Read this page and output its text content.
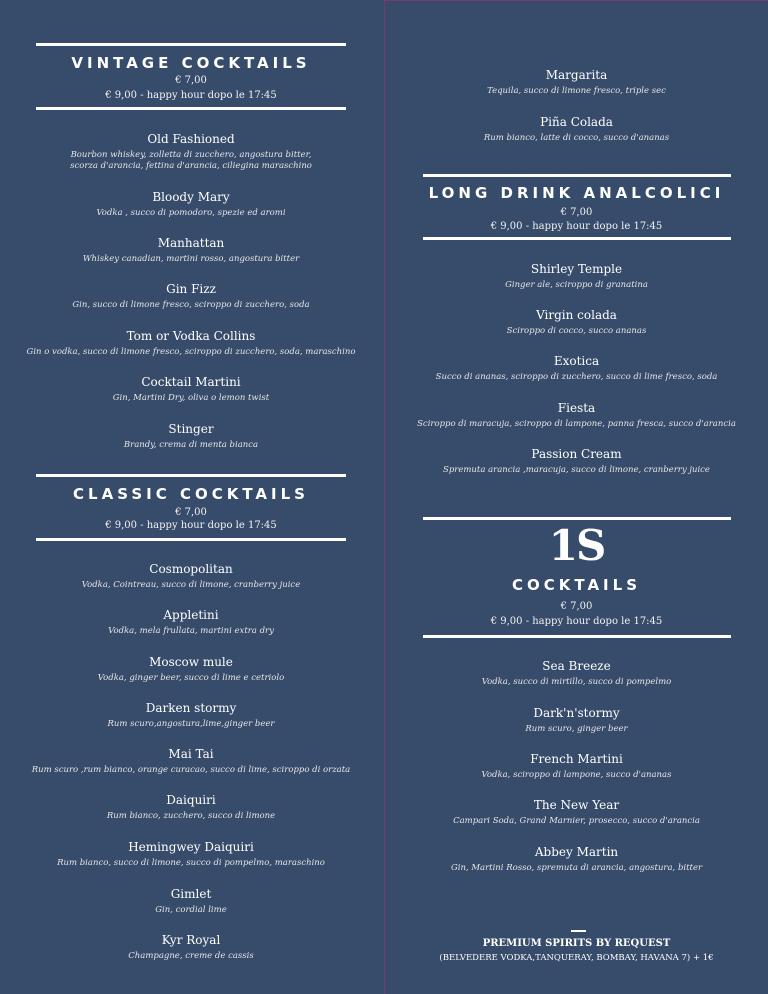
VINTAGE COCKTAILS
€ 7,00
€ 9,00 - happy hour dopo le 17:45
Old Fashioned
Bourbon whiskey, zolletta di zucchero, angostura bitter,
scorza d'arancia, fettina d'arancia, ciliegina maraschino
Bloody Mary
Vodka , succo di pomodoro, spezie ed aromi
Manhattan
Whiskey canadian, martini rosso, angostura bitter
Gin Fizz
Gin, succo di limone fresco, sciroppo di zucchero, soda
Tom or Vodka Collins
Gin o vodka, succo di limone fresco, sciroppo di zucchero, soda, maraschino
Cocktail Martini
Gin, Martini Dry, oliva o lemon twist
Stinger
Brandy, crema di menta bianca
CLASSIC COCKTAILS
€ 7,00
€ 9,00 - happy hour dopo le 17:45
Cosmopolitan
Vodka, Cointreau, succo di limone, cranberry juice
Appletini
Vodka, mela frullata, martini extra dry
Moscow mule
Vodka, ginger beer, succo di lime e cetriolo
Darken stormy
Rum scuro,angostura,lime,ginger beer
Mai Tai
Rum scuro ,rum bianco, orange curacao, succo di lime, sciroppo di orzata
Daiquiri
Rum bianco, zucchero, succo di limone
Hemingwey Daiquiri
Rum bianco, succo di limone, succo di pompelmo, maraschino
Gimlet
Gin, cordial lime
Kyr Royal
Champagne, creme de cassis
Margarita
Tequila, succo di limone fresco, triple sec
Piña Colada
Rum bianco, latte di cocco, succo d'ananas
LONG DRINK ANALCOLICI
€ 7,00
€ 9,00 - happy hour dopo le 17:45
Shirley Temple
Ginger ale, sciroppo di granatina
Virgin colada
Sciroppo di cocco, succo ananas
Exotica
Succo di ananas, sciroppo di zucchero, succo di lime fresco, soda
Fiesta
Sciroppo di maracuja, sciroppo di lampone, panna fresca, succo d'arancia
Passion Cream
Spremuta arancia ,maracuja, succo di limone, cranberry juice
1S
COCKTAILS
€ 7,00
€ 9,00 - happy hour dopo le 17:45
Sea Breeze
Vodka, succo di mirtillo, succo di pompelmo
Dark'n'stormy
Rum scuro, ginger beer
French Martini
Vodka, sciroppo di lampone, succo d'ananas
The New Year
Campari Soda, Grand Marnier, prosecco, succo d'arancia
Abbey Martin
Gin, Martini Rosso, spremuta di arancia, angostura, bitter
PREMIUM SPIRITS BY REQUEST
(BELVEDERE VODKA,TANQUERAY, BOMBAY, HAVANA 7) + 1€
